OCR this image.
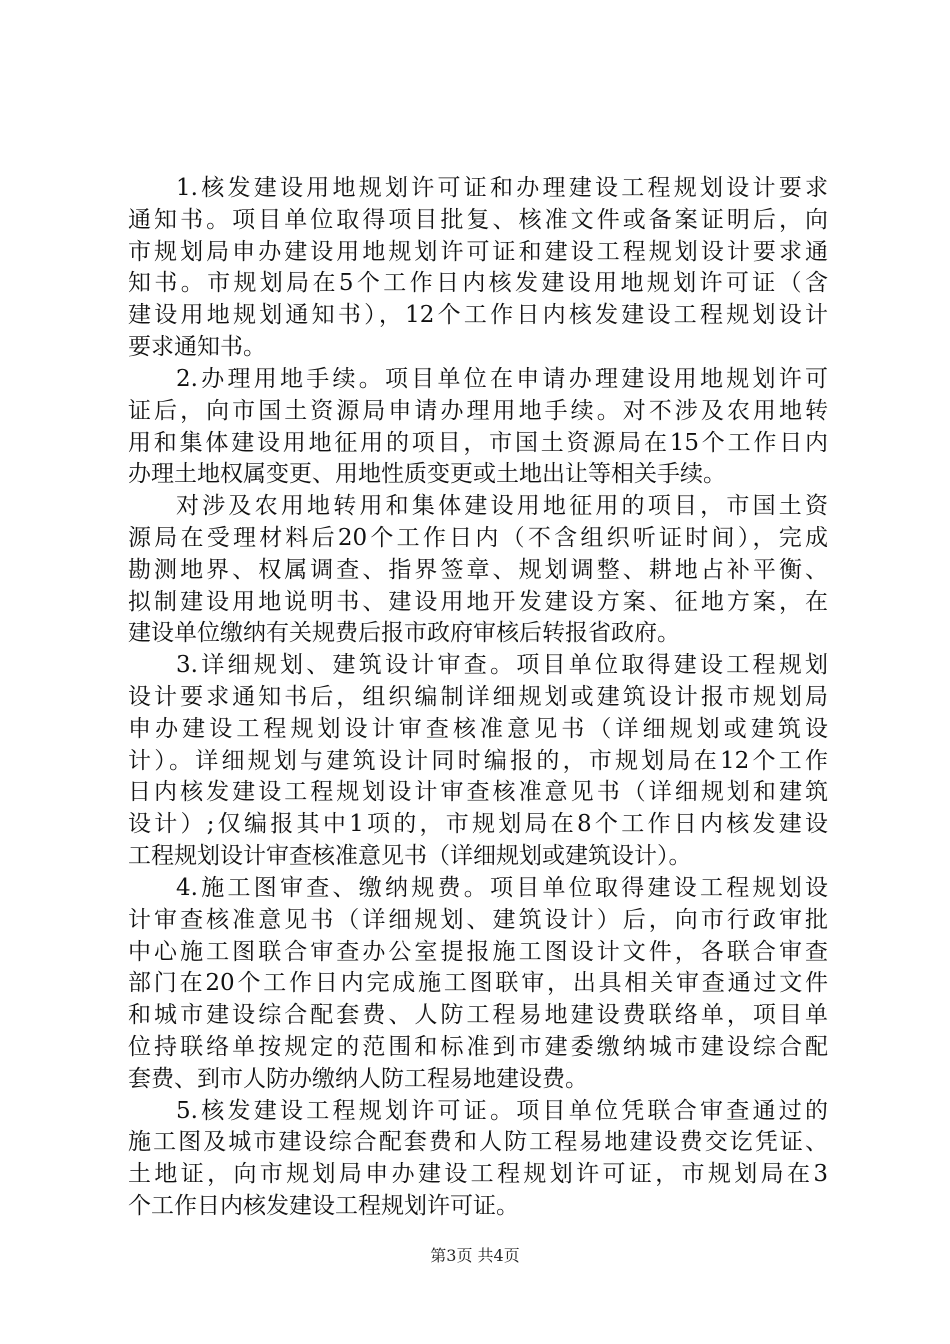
1.核发建设用地规划许可证和办理建设工程规划设计要求
通知书。项目单位取得项目批复、核准文件或备案证明后，向
市规划局申办建设用地规划许可证和建设工程规划设计要求通
知书。市规划局在5个工作日内核发建设用地规划许可证（含
建设用地规划通知书），12个工作日内核发建设工程规划设计
要求通知书。
2.办理用地手续。项目单位在申请办理建设用地规划许可
证后，向市国土资源局申请办理用地手续。对不涉及农用地转
用和集体建设用地征用的项目，市国土资源局在15个工作日内
办理土地权属变更、用地性质变更或土地出让等相关手续。
对涉及农用地转用和集体建设用地征用的项目，市国土资
源局在受理材料后20个工作日内（不含组织听证时间），完成
勘测地界、权属调查、指界签章、规划调整、耕地占补平衡、
拟制建设用地说明书、建设用地开发建设方案、征地方案，在
建设单位缴纳有关规费后报市政府审核后转报省政府。
3.详细规划、建筑设计审查。项目单位取得建设工程规划
设计要求通知书后，组织编制详细规划或建筑设计报市规划局
申办建设工程规划设计审查核准意见书（详细规划或建筑设
计）。详细规划与建筑设计同时编报的，市规划局在12个工作
日内核发建设工程规划设计审查核准意见书（详细规划和建筑
设计）;仅编报其中1项的，市规划局在8个工作日内核发建设
工程规划设计审查核准意见书（详细规划或建筑设计）。
4.施工图审查、缴纳规费。项目单位取得建设工程规划设
计审查核准意见书（详细规划、建筑设计）后，向市行政审批
中心施工图联合审查办公室提报施工图设计文件，各联合审查
部门在20个工作日内完成施工图联审，出具相关审查通过文件
和城市建设综合配套费、人防工程易地建设费联络单，项目单
位持联络单按规定的范围和标准到市建委缴纳城市建设综合配
套费、到市人防办缴纳人防工程易地建设费。
5.核发建设工程规划许可证。项目单位凭联合审查通过的
施工图及城市建设综合配套费和人防工程易地建设费交讫凭证、
土地证，向市规划局申办建设工程规划许可证，市规划局在3
个工作日内核发建设工程规划许可证。
第3页 共4页
